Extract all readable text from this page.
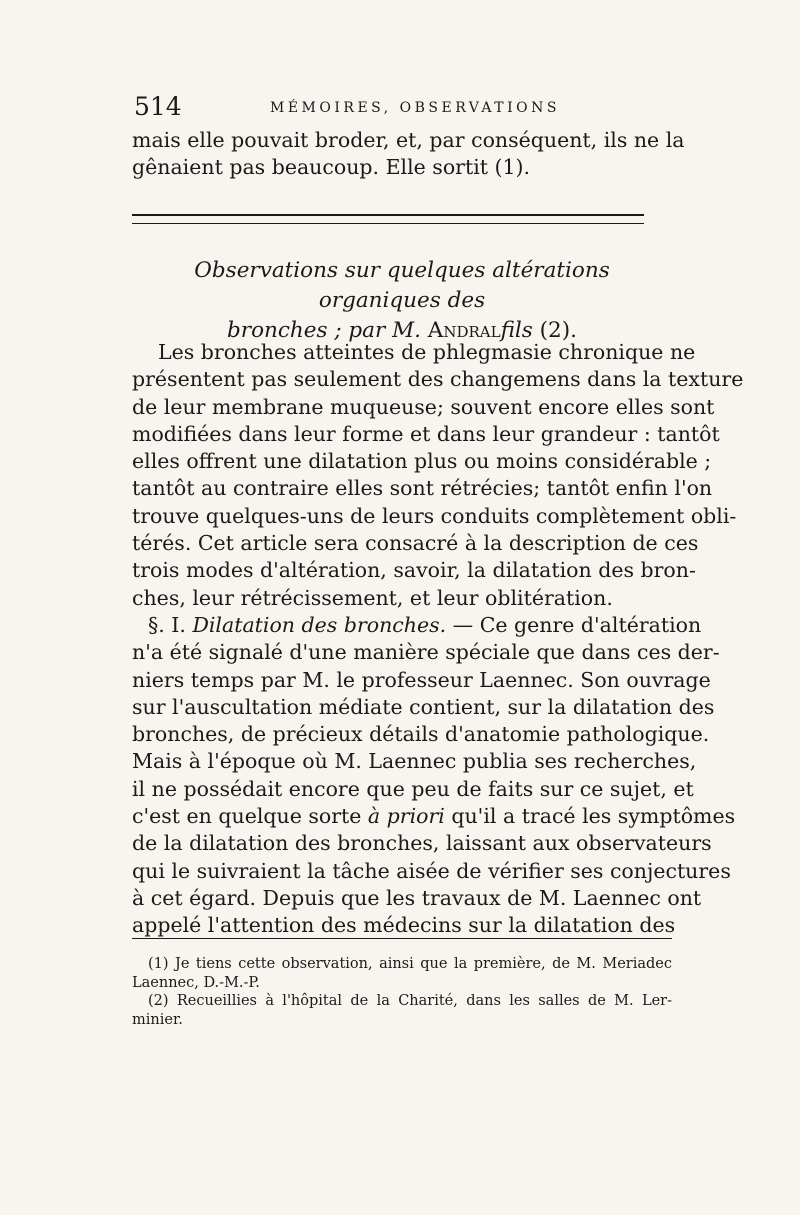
514	MÉMOIRES, OBSERVATIONS

mais elle pouvait broder, et, par conséquent, ils ne la
gênaient pas beaucoup. Elle sortit (1).

Observations sur quelques altérations organiques des
bronches ; par M. Andralfils (2).

Les bronches atteintes de phlegmasie chronique ne
présentent pas seulement des changemens dans la texture
de leur membrane muqueuse; souvent encore elles sont
modifiées dans leur forme et dans leur grandeur : tantôt
elles offrent une dilatation plus ou moins considérable ;
tantôt au contraire elles sont rétrécies; tantôt enfin l'on
trouve quelques-uns de leurs conduits complètement obli-
térés. Cet article sera consacré à la description de ces
trois modes d'altération, savoir, la dilatation des bron-
ches, leur rétrécissement, et leur oblitération.

§. I. Dilatation des bronches. — Ce genre d'altération
n'a été signalé d'une manière spéciale que dans ces der-
niers temps par M. le professeur Laennec. Son ouvrage
sur l'auscultation médiate contient, sur la dilatation des
bronches, de précieux détails d'anatomie pathologique.
Mais à l'époque où M. Laennec publia ses recherches,
il ne possédait encore que peu de faits sur ce sujet, et
c'est en quelque sorte à priori qu'il a tracé les symptômes
de la dilatation des bronches, laissant aux observateurs
qui le suivraient la tâche aisée de vérifier ses conjectures
à cet égard. Depuis que les travaux de M. Laennec ont
appelé l'attention des médecins sur la dilatation des

(1) Je tiens cette observation, ainsi que la première, de M. Meriadec
Laennec, D.-M.-P.
(2) Recueillies à l'hôpital de la Charité, dans les salles de M. Ler-
minier.
